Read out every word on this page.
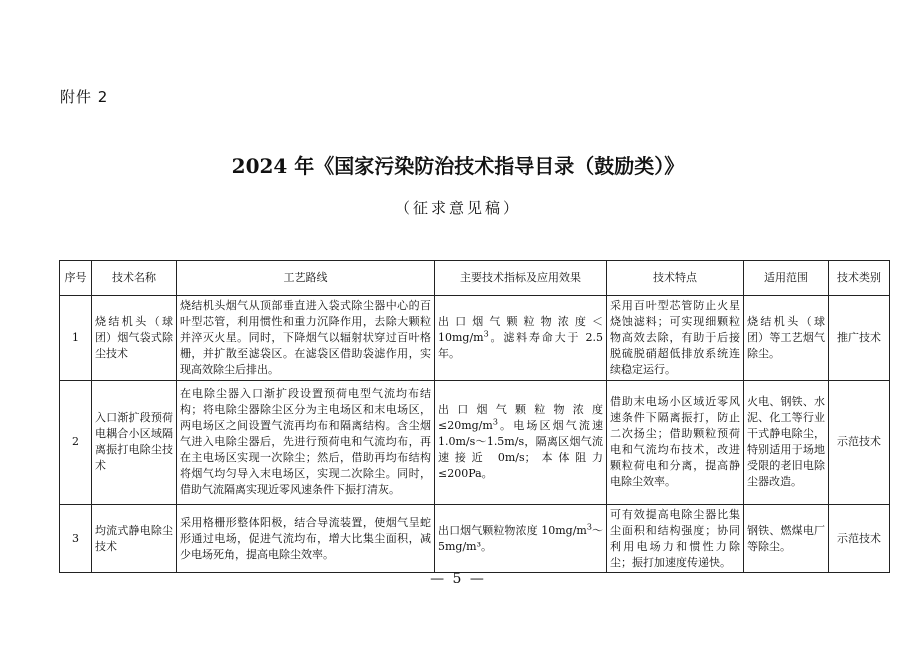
附件 2
2024 年《国家污染防治技术指导目录（鼓励类）》
（征求意见稿）
序号	技术名称	工艺路线	主要技术指标及应用效果	技术特点	适用范围	技术类别
1	烧结机头（球团）烟气袋式除尘技术	烧结机头烟气从顶部垂直进入袋式除尘器中心的百叶型芯管，利用惯性和重力沉降作用，去除大颗粒并淬灭火星。同时，下降烟气以辐射状穿过百叶格栅，并扩散至滤袋区。在滤袋区借助袋滤作用，实现高效除尘后排出。	出口烟气颗粒物浓度$<10mg/m^3$。滤料寿命大于 2.5 年。	采用百叶型芯管防止火星烧蚀滤料；可实现细颗粒物高效去除，有助于后接脱硫脱硝超低排放系统连续稳定运行。	烧结机头（球团）等工艺烟气除尘。	推广技术
2	入口渐扩段预荷电耦合小区域隔离振打电除尘技术	在电除尘器入口渐扩段设置预荷电型气流均布结构；将电除尘器除尘区分为主电场区和末电场区，两电场区之间设置气流再均布和隔离结构。含尘烟气进入电除尘器后，先进行预荷电和气流均布，再在主电场区实现一次除尘；然后，借助再均布结构将烟气均匀导入末电场区，实现二次除尘。同时，借助气流隔离实现近零风速条件下振打清灰。	出口烟气颗粒物浓度$\le 20mg/m^3$。电场区烟气流速 1.0m/s～1.5m/s，隔离区烟气流速接近 0m/s；本体阻力≤200Pa。	借助末电场小区域近零风速条件下隔离振打，防止二次扬尘；借助颗粒预荷电和气流均布技术，改进颗粒荷电和分离，提高静电除尘效率。	火电、钢铁、水泥、化工等行业干式静电除尘，特别适用于场地受限的老旧电除尘器改造。	示范技术
3	均流式静电除尘技术	采用格栅形整体阳极，结合导流装置，使烟气呈蛇形通过电场，促进气流均布，增大比集尘面积，减少电场死角，提高电除尘效率。	出口烟气颗粒物浓度 $10mg/m^3\sim 5mg/m^3$。	可有效提高电除尘器比集尘面积和结构强度；协同利用电场力和惯性力除尘；振打加速度传递快。	钢铁、燃煤电厂等除尘。	示范技术
— 5 —
